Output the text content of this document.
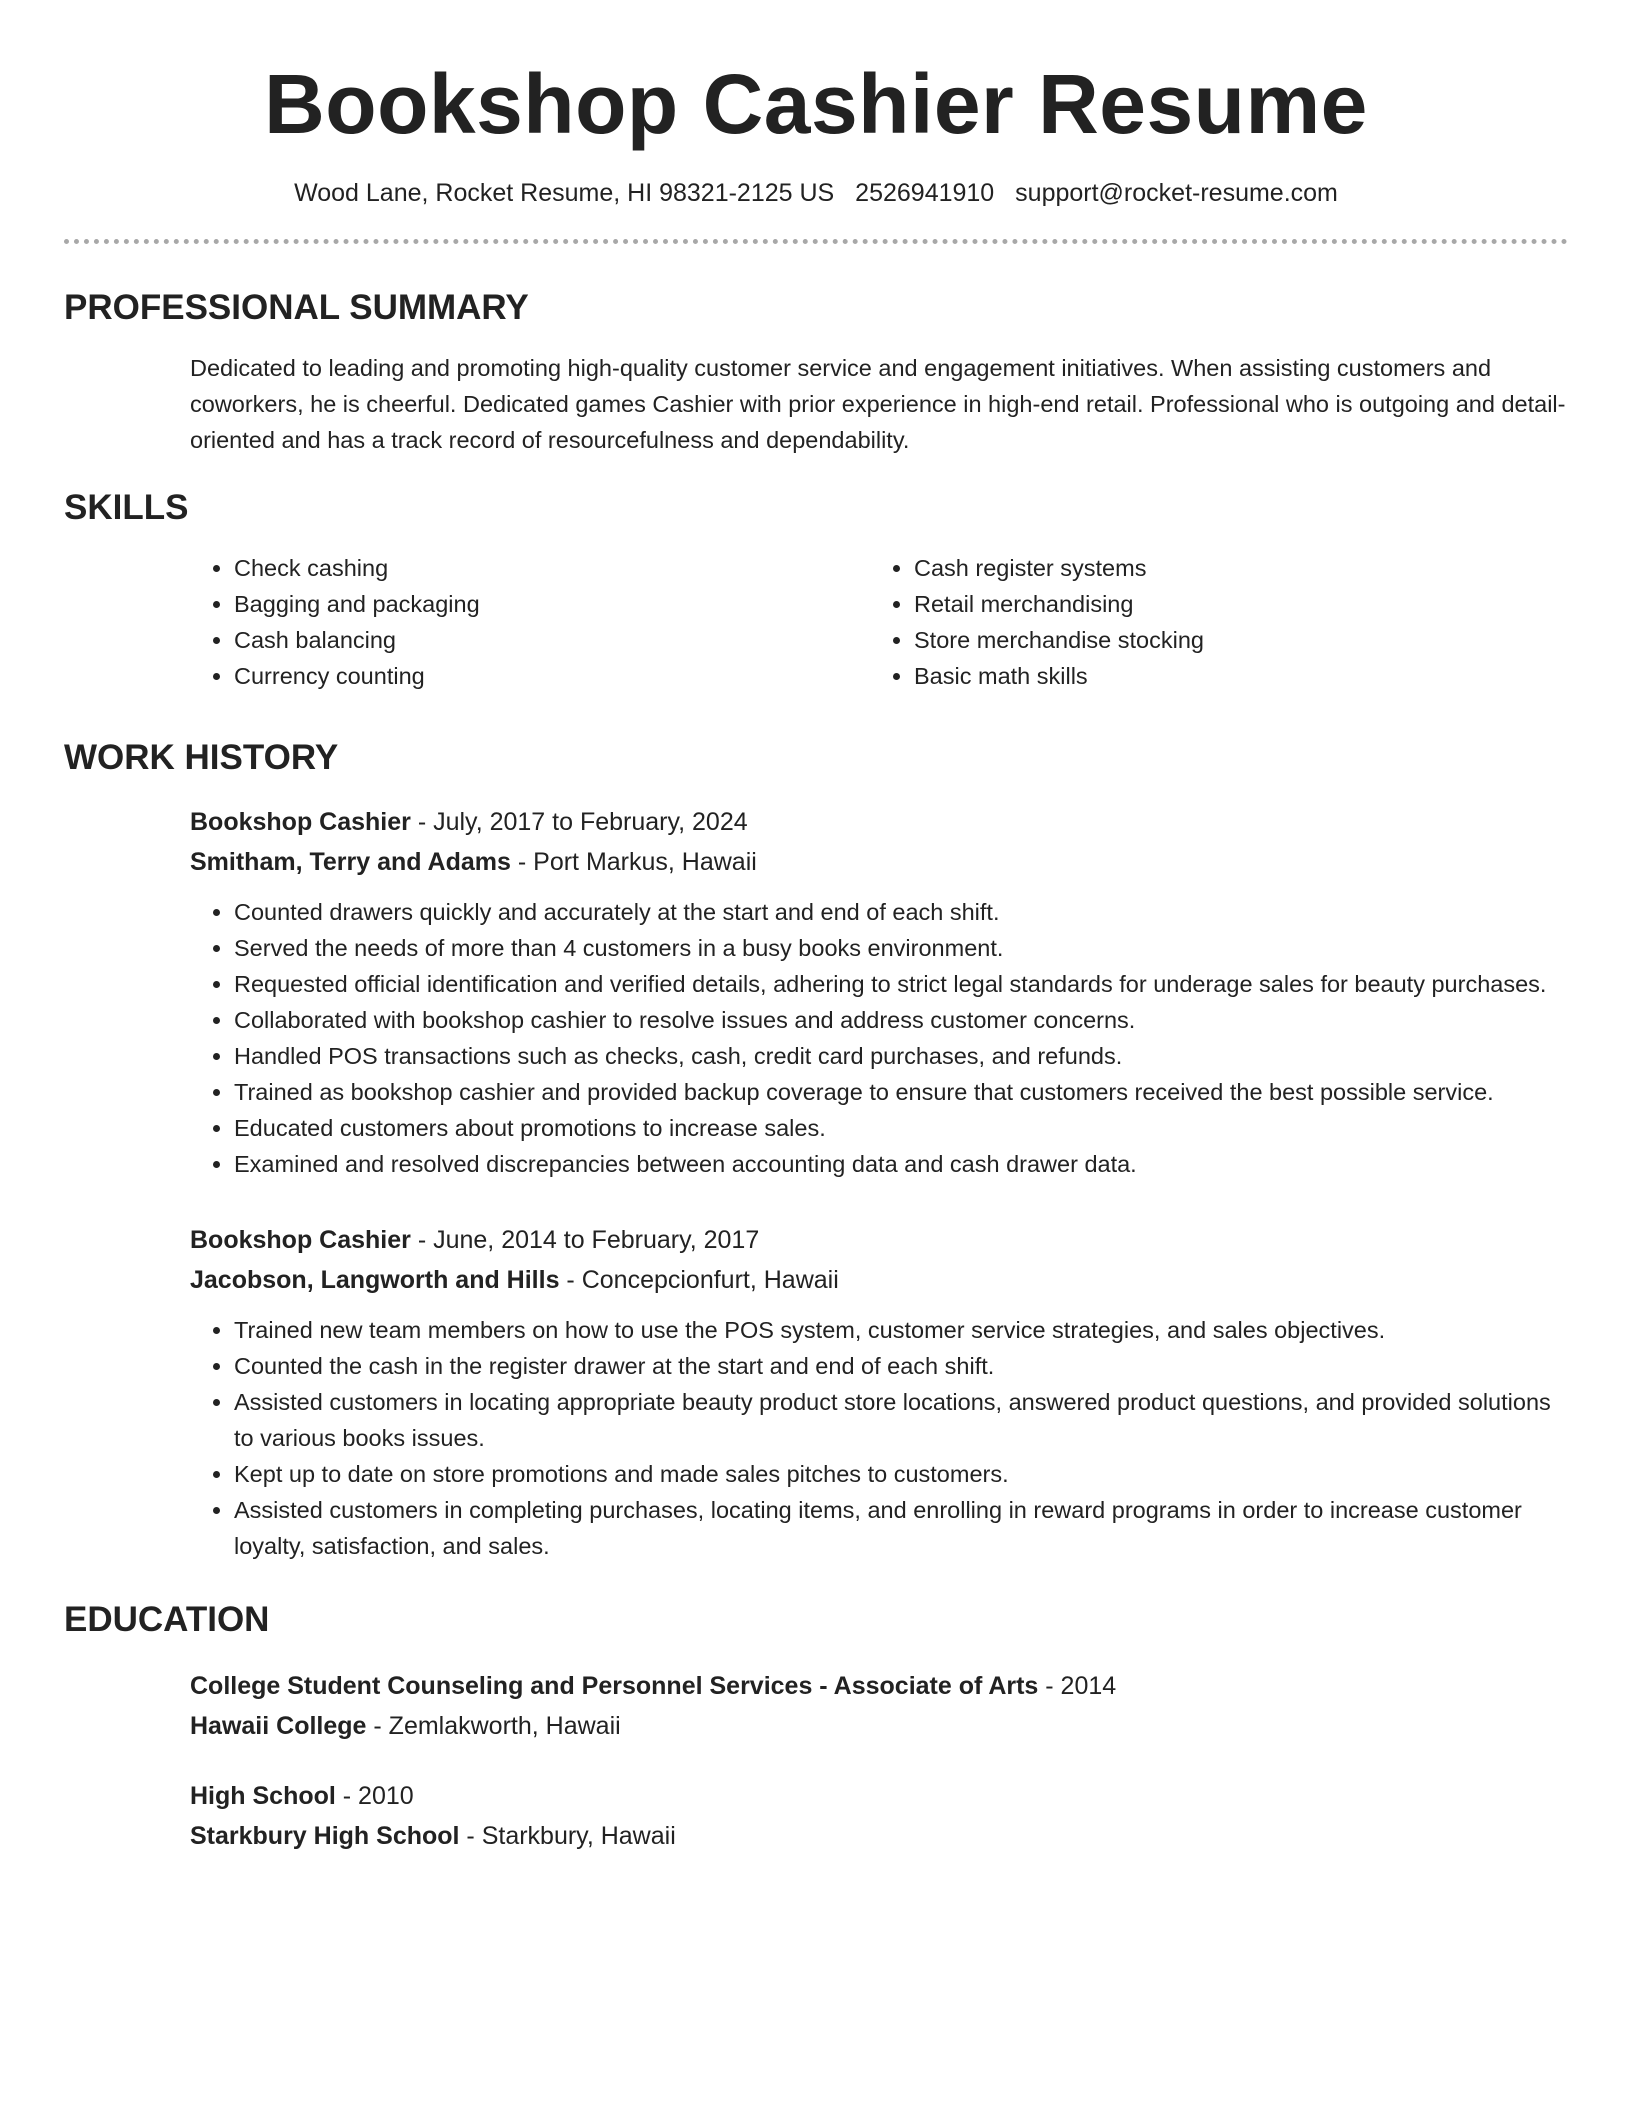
Bookshop Cashier Resume
Wood Lane, Rocket Resume, HI 98321-2125 US 2526941910 support@rocket-resume.com
PROFESSIONAL SUMMARY

Dedicated to leading and promoting high-quality customer service and engagement initiatives. When assisting customers and coworkers, he is cheerful. Dedicated games Cashier with prior experience in high-end retail. Professional who is outgoing and detail-oriented and has a track record of resourcefulness and dependability.

SKILLS
• Check cashing
• Bagging and packaging
• Cash balancing
• Currency counting
• Cash register systems
• Retail merchandising
• Store merchandise stocking
• Basic math skills
WORK HISTORY
Bookshop Cashier - July, 2017 to February, 2024
Smitham, Terry and Adams - Port Markus, Hawaii
• Counted drawers quickly and accurately at the start and end of each shift.
• Served the needs of more than 4 customers in a busy books environment.
• Requested official identification and verified details, adhering to strict legal standards for underage sales for beauty purchases.
• Collaborated with bookshop cashier to resolve issues and address customer concerns.
• Handled POS transactions such as checks, cash, credit card purchases, and refunds.
• Trained as bookshop cashier and provided backup coverage to ensure that customers received the best possible service.
• Educated customers about promotions to increase sales.
• Examined and resolved discrepancies between accounting data and cash drawer data.
Bookshop Cashier - June, 2014 to February, 2017
Jacobson, Langworth and Hills - Concepcionfurt, Hawaii
• Trained new team members on how to use the POS system, customer service strategies, and sales objectives.
• Counted the cash in the register drawer at the start and end of each shift.
• Assisted customers in locating appropriate beauty product store locations, answered product questions, and provided solutions to various books issues.
• Kept up to date on store promotions and made sales pitches to customers.
• Assisted customers in completing purchases, locating items, and enrolling in reward programs in order to increase customer loyalty, satisfaction, and sales.
EDUCATION
College Student Counseling and Personnel Services - Associate of Arts - 2014
Hawaii College - Zemlakworth, Hawaii
High School - 2010
Starkbury High School - Starkbury, Hawaii
